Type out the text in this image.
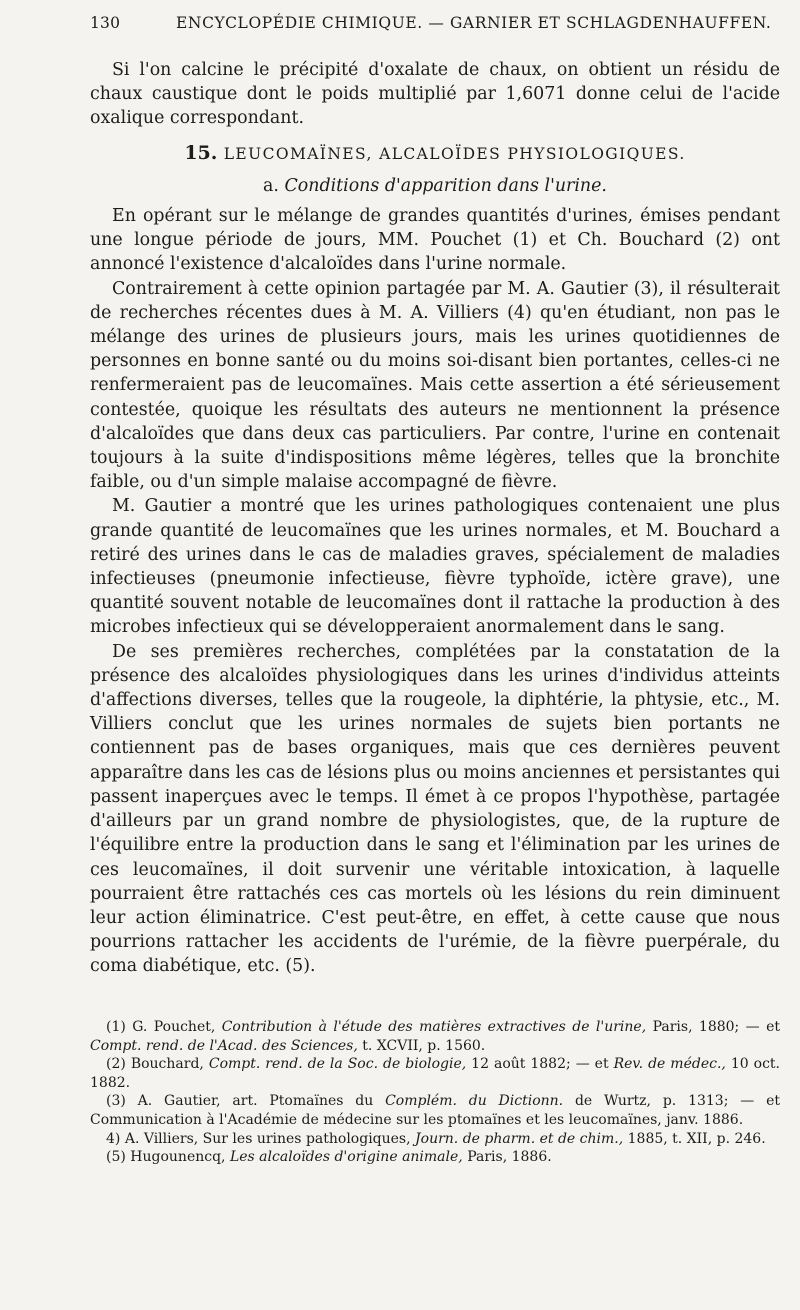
130	ENCYCLOPÉDIE CHIMIQUE. — GARNIER ET SCHLAGDENHAUFFEN.

Si l'on calcine le précipité d'oxalate de chaux, on obtient un résidu de chaux caustique dont le poids multiplié par 1,6071 donne celui de l'acide oxalique correspondant.

15. LEUCOMAÏNES, ALCALOÏDES PHYSIOLOGIQUES.
a. Conditions d'apparition dans l'urine.

En opérant sur le mélange de grandes quantités d'urines, émises pendant une longue période de jours, MM. Pouchet (1) et Ch. Bouchard (2) ont annoncé l'existence d'alcaloïdes dans l'urine normale.

Contrairement à cette opinion partagée par M. A. Gautier (3), il résulterait de recherches récentes dues à M. A. Villiers (4) qu'en étudiant, non pas le mélange des urines de plusieurs jours, mais les urines quotidiennes de personnes en bonne santé ou du moins soi-disant bien portantes, celles-ci ne renfermeraient pas de leucomaïnes. Mais cette assertion a été sérieusement contestée, quoique les résultats des auteurs ne mentionnent la présence d'alcaloïdes que dans deux cas particuliers. Par contre, l'urine en contenait toujours à la suite d'indispositions même légères, telles que la bronchite faible, ou d'un simple malaise accompagné de fièvre.

M. Gautier a montré que les urines pathologiques contenaient une plus grande quantité de leucomaïnes que les urines normales, et M. Bouchard a retiré des urines dans le cas de maladies graves, spécialement de maladies infectieuses (pneumonie infectieuse, fièvre typhoïde, ictère grave), une quantité souvent notable de leucomaïnes dont il rattache la production à des microbes infectieux qui se développeraient anormalement dans le sang.

De ses premières recherches, complétées par la constatation de la présence des alcaloïdes physiologiques dans les urines d'individus atteints d'affections diverses, telles que la rougeole, la diphtérie, la phtysie, etc., M. Villiers conclut que les urines normales de sujets bien portants ne contiennent pas de bases organiques, mais que ces dernières peuvent apparaître dans les cas de lésions plus ou moins anciennes et persistantes qui passent inaperçues avec le temps. Il émet à ce propos l'hypothèse, partagée d'ailleurs par un grand nombre de physiologistes, que, de la rupture de l'équilibre entre la production dans le sang et l'élimination par les urines de ces leucomaïnes, il doit survenir une véritable intoxication, à laquelle pourraient être rattachés ces cas mortels où les lésions du rein diminuent leur action éliminatrice. C'est peut-être, en effet, à cette cause que nous pourrions rattacher les accidents de l'urémie, de la fièvre puerpérale, du coma diabétique, etc. (5).

(1) G. Pouchet, Contribution à l'étude des matières extractives de l'urine, Paris, 1880; — et Compt. rend. de l'Acad. des Sciences, t. XCVII, p. 1560.

(2) Bouchard, Compt. rend. de la Soc. de biologie, 12 août 1882; — et Rev. de médec., 10 oct. 1882.

(3) A. Gautier, art. Ptomaïnes du Complém. du Dictionn. de Wurtz, p. 1313; — et Communication à l'Académie de médecine sur les ptomaïnes et les leucomaïnes, janv. 1886.

4) A. Villiers, Sur les urines pathologiques, Journ. de pharm. et de chim., 1885, t. XII, p. 246.

(5) Hugounencq, Les alcaloïdes d'origine animale, Paris, 1886.
